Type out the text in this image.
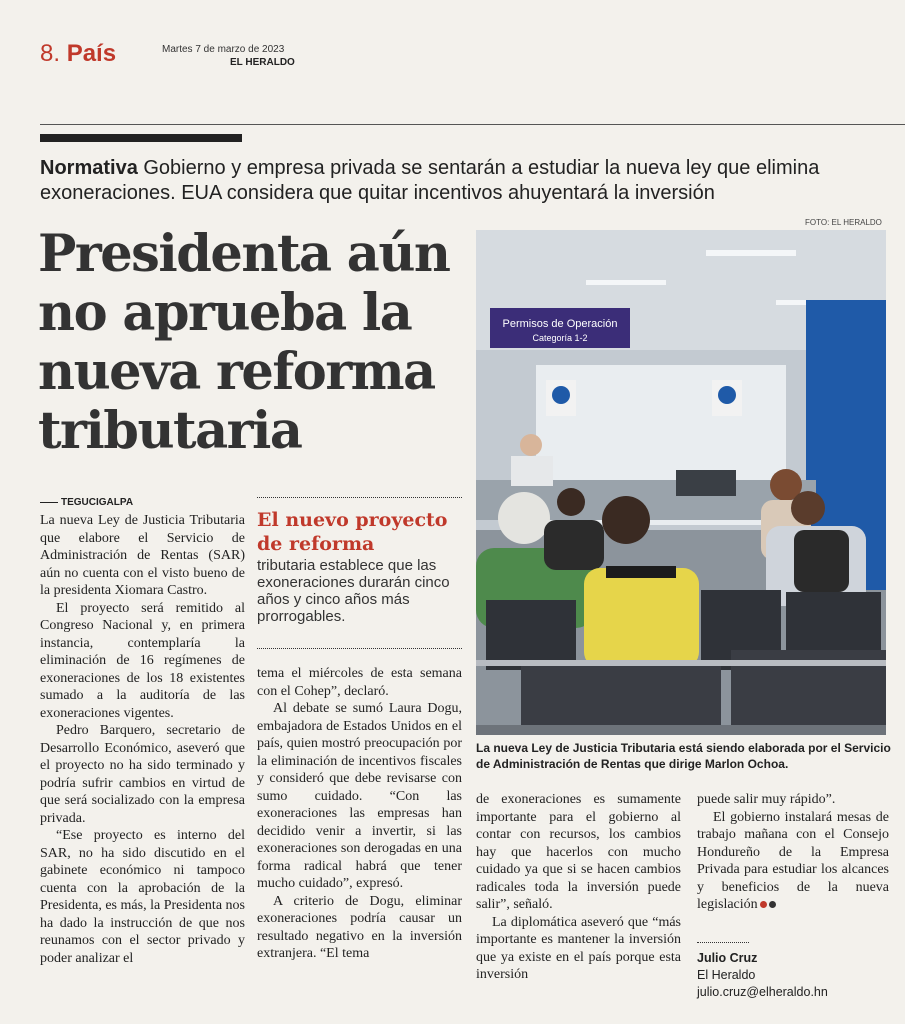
8. País	Martes 7 de marzo de 2023
EL HERALDO
Normativa Gobierno y empresa privada se sentarán a estudiar la nueva ley que elimina exoneraciones. EUA considera que quitar incentivos ahuyentará la inversión
FOTO: EL HERALDO
Presidenta aún no aprueba la nueva reforma tributaria
TEGUCIGALPA

La nueva Ley de Justicia Tributaria que elabore el Servicio de Administración de Rentas (SAR) aún no cuenta con el visto bueno de la presidenta Xiomara Castro.

El proyecto será remitido al Congreso Nacional y, en primera instancia, contemplaría la eliminación de 16 regímenes de exoneraciones de los 18 existentes sumado a la auditoría de las exoneraciones vigentes.

Pedro Barquero, secretario de Desarrollo Económico, aseveró que el proyecto no ha sido terminado y podría sufrir cambios en virtud de que será socializado con la empresa privada.

“Ese proyecto es interno del SAR, no ha sido discutido en el gabinete económico ni tampoco cuenta con la aprobación de la Presidenta, es más, la Presidenta nos ha dado la instrucción de que nos reunamos con el sector privado y poder analizar el

El nuevo proyecto de reforma
tributaria establece que las exoneraciones durarán cinco años y cinco años más prorrogables.

tema el miércoles de esta semana con el Cohep”, declaró.

Al debate se sumó Laura Dogu, embajadora de Estados Unidos en el país, quien mostró preocupación por la eliminación de incentivos fiscales y consideró que debe revisarse con sumo cuidado. “Con las exoneraciones las empresas han decidido venir a invertir, si las exoneraciones son derogadas en una forma radical habrá que tener mucho cuidado”, expresó.

A criterio de Dogu, eliminar exoneraciones podría causar un resultado negativo en la inversión extranjera. “El tema

Permisos de Operación
Categoría 1-2
La nueva Ley de Justicia Tributaria está siendo elaborada por el Servicio de Administración de Rentas que dirige Marlon Ochoa.

de exoneraciones es sumamente importante para el gobierno al contar con recursos, los cambios hay que hacerlos con mucho cuidado ya que si se hacen cambios radicales toda la inversión puede salir”, señaló.

La diplomática aseveró que “más importante es mantener la inversión que ya existe en el país porque esta inversión

puede salir muy rápido”.

El gobierno instalará mesas de trabajo mañana con el Consejo Hondureño de la Empresa Privada para estudiar los alcances y beneficios de la nueva legislación

Julio Cruz
El Heraldo
julio.cruz@elheraldo.hn
